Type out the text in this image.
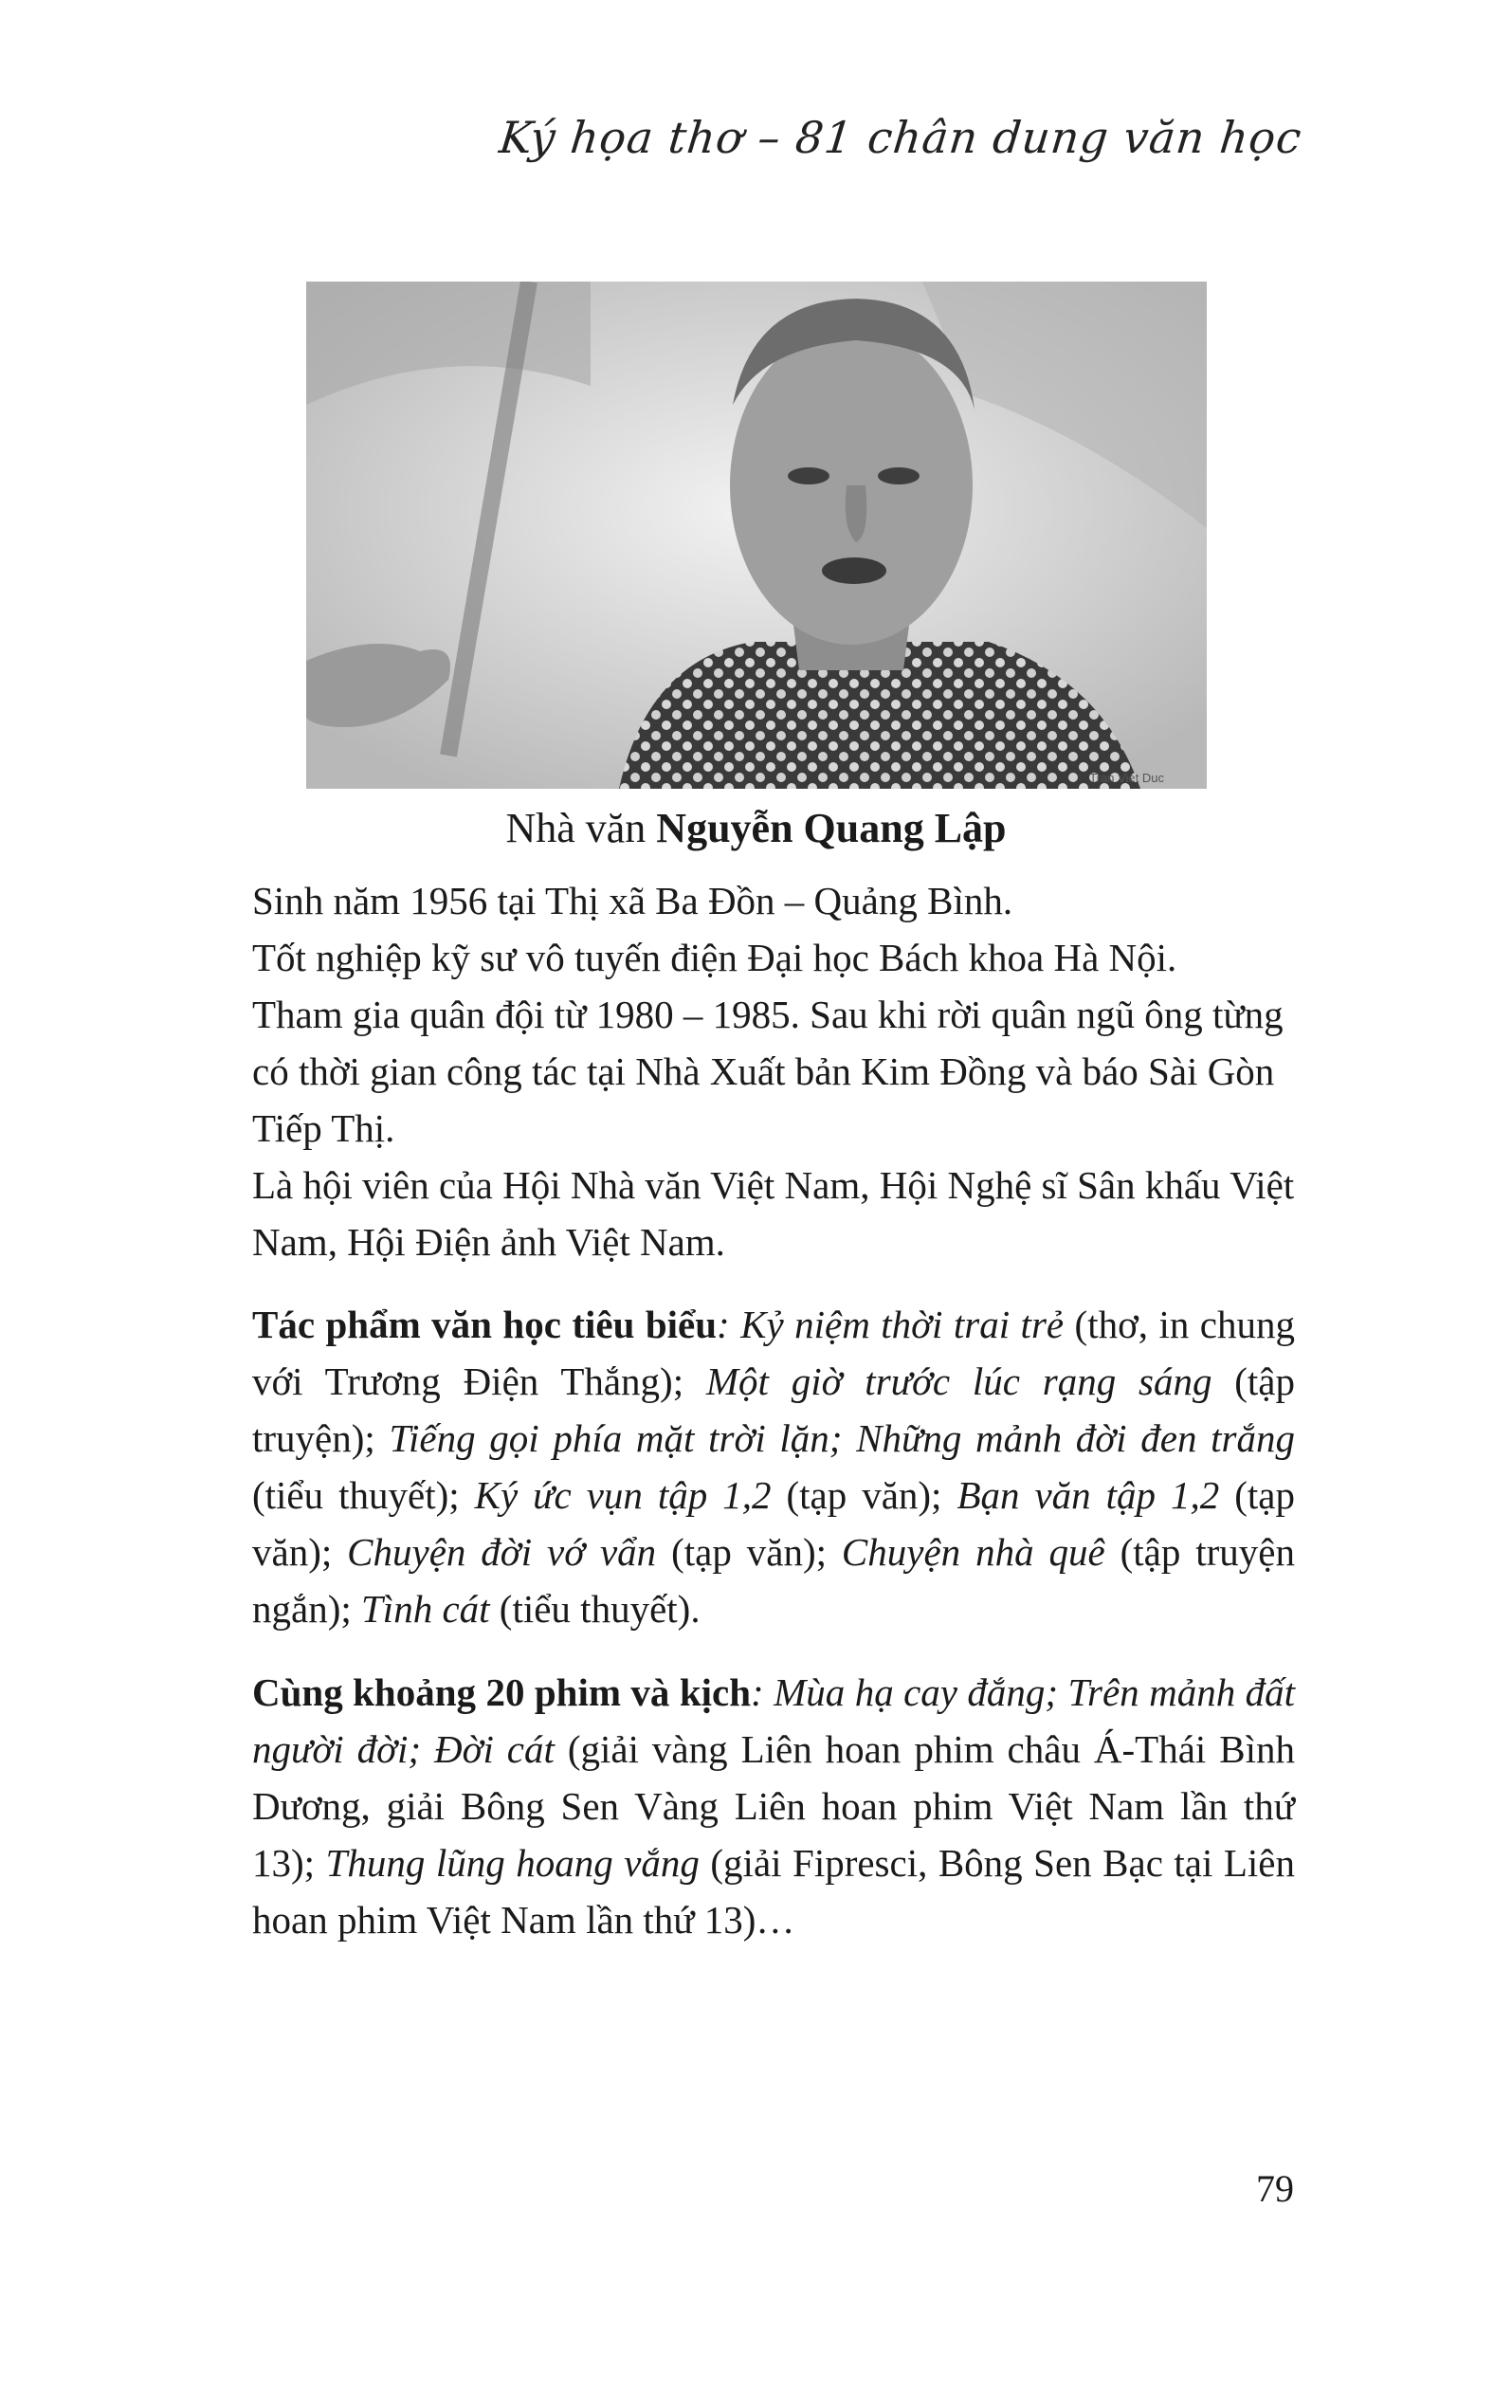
Ký họa thơ – 81 chân dung văn học
Tran Viet Duc
Nhà văn Nguyễn Quang Lập

Sinh năm 1956 tại Thị xã Ba Đồn – Quảng Bình.

Tốt nghiệp kỹ sư vô tuyến điện Đại học Bách khoa Hà Nội.

Tham gia quân đội từ 1980 – 1985. Sau khi rời quân ngũ ông từng có thời gian công tác tại Nhà Xuất bản Kim Đồng và báo Sài Gòn Tiếp Thị.

Là hội viên của Hội Nhà văn Việt Nam, Hội Nghệ sĩ Sân khấu Việt Nam, Hội Điện ảnh Việt Nam.

Tác phẩm văn học tiêu biểu: Kỷ niệm thời trai trẻ (thơ, in chung với Trương Điện Thắng); Một giờ trước lúc rạng sáng (tập truyện); Tiếng gọi phía mặt trời lặn; Những mảnh đời đen trắng (tiểu thuyết); Ký ức vụn tập 1,2 (tạp văn); Bạn văn tập 1,2 (tạp văn); Chuyện đời vớ vẩn (tạp văn); Chuyện nhà quê (tập truyện ngắn); Tình cát (tiểu thuyết).
Cùng khoảng 20 phim và kịch: Mùa hạ cay đắng; Trên mảnh đất người đời; Đời cát (giải vàng Liên hoan phim châu Á-Thái Bình Dương, giải Bông Sen Vàng Liên hoan phim Việt Nam lần thứ 13); Thung lũng hoang vắng (giải Fipresci, Bông Sen Bạc tại Liên hoan phim Việt Nam lần thứ 13)…
79
